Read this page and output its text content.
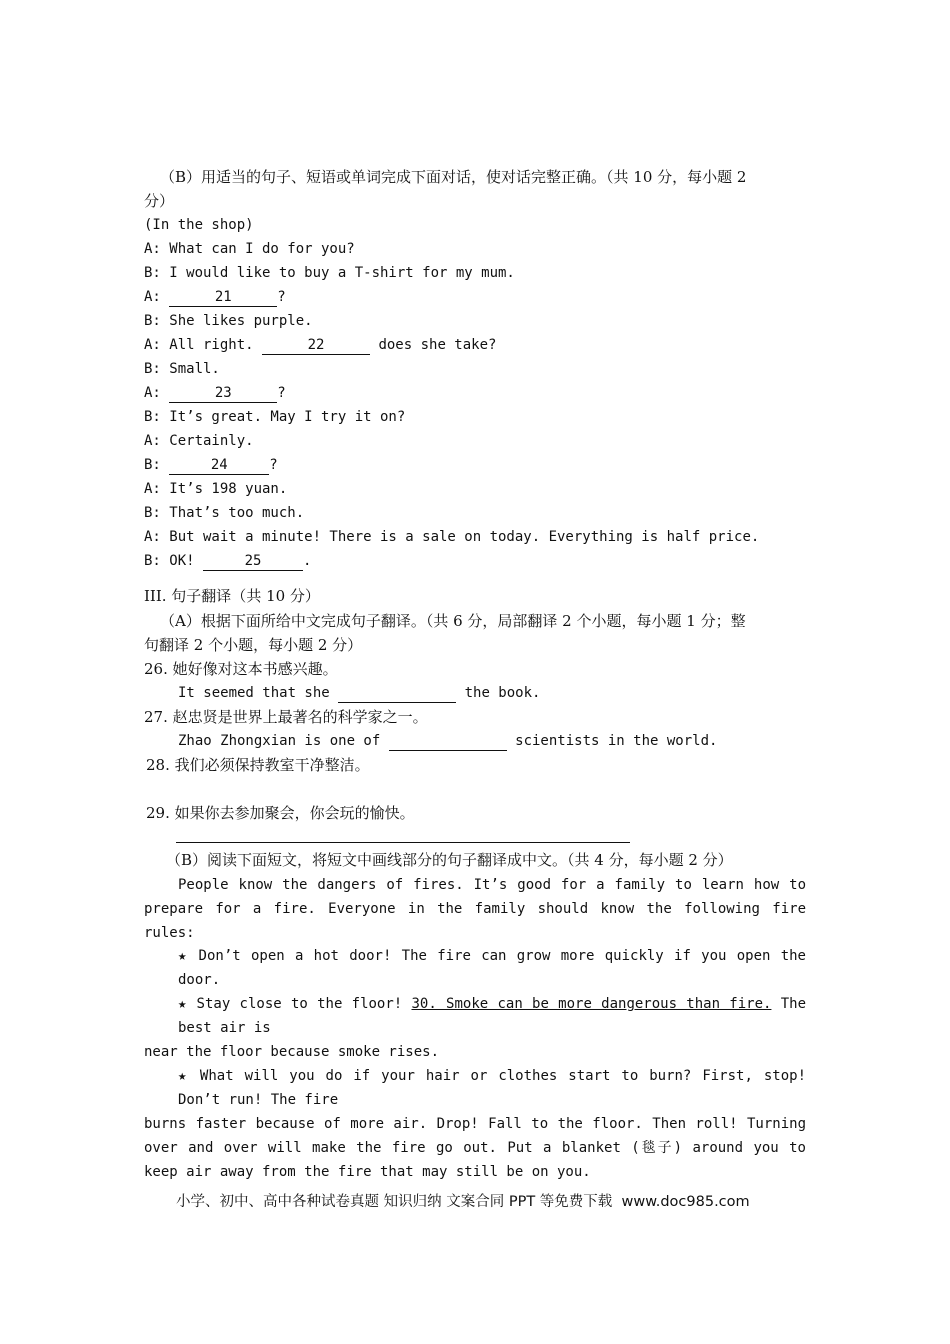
（B）用适当的句子、短语或单词完成下面对话，使对话完整正确。（共 10 分，每小题 2
分）
(In the shop)
A: What can I do for you?
B: I would like to buy a T-shirt for my mum.
A:	21	?
B: She likes purple.
A: All right.	22	does she take?
B: Small.
A:	23	?
B: It’s great. May I try it on?
A: Certainly.
B:	24	?
A: It’s 198 yuan.
B: That’s too much.
A: But wait a minute! There is a sale on today. Everything is half price.
B: OK!	25	.
III. 句子翻译（共 10 分）
（A）根据下面所给中文完成句子翻译。（共 6 分，局部翻译 2 个小题，每小题 1 分；整
句翻译 2 个小题，每小题 2 分）
26. 她好像对这本书感兴趣。
It seemed that she	the book.
27. 赵忠贤是世界上最著名的科学家之一。
Zhao Zhongxian is one of	scientists in the world.
28. 我们必须保持教室干净整洁。
29. 如果你去参加聚会，你会玩的愉快。
（B）阅读下面短文，将短文中画线部分的句子翻译成中文。（共 4 分，每小题 2 分）
People know the dangers of fires. It’s good for a family to learn how to
prepare for a fire. Everyone in the family should know the following fire
rules:
★ Don’t open a hot door! The fire can grow more quickly if you open the
door.
★ Stay close to the floor! 30. Smoke can be more dangerous than fire. The
best air is
near the floor because smoke rises.
★ What will you do if your hair or clothes start to burn? First, stop!
Don’t run! The fire
burns faster because of more air. Drop! Fall to the floor. Then roll! Turning
over and over will make the fire go out. Put a blanket (毯子) around you to
keep air away from the fire that may still be on you.
小学、初中、高中各种试卷真题 知识归纳 文案合同 PPT 等免费下载  www.doc985.com
